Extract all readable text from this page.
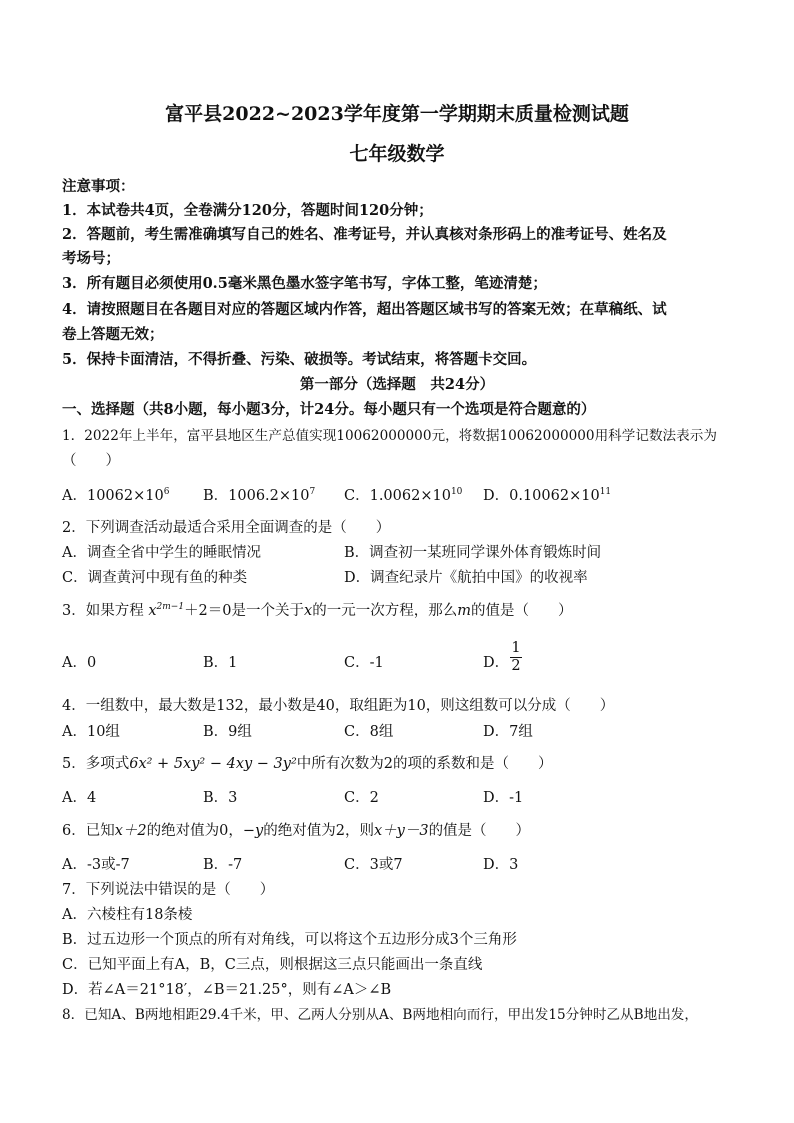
富平县2022~2023学年度第一学期期末质量检测试题
七年级数学
注意事项：
1．本试卷共4页，全卷满分120分，答题时间120分钟；
2．答题前，考生需准确填写自己的姓名、准考证号，并认真核对条形码上的准考证号、姓名及
考场号；
3．所有题目必须使用0.5毫米黑色墨水签字笔书写，字体工整，笔迹清楚；
4．请按照题目在各题目对应的答题区域内作答，超出答题区域书写的答案无效；在草稿纸、试
卷上答题无效；
5．保持卡面清洁，不得折叠、污染、破损等。考试结束，将答题卡交回。
第一部分（选择题　共24分）
一、选择题（共8小题，每小题3分，计24分。每小题只有一个选项是符合题意的）
1．2022年上半年，富平县地区生产总值实现10062000000元，将数据10062000000用科学记数法表示为
（　　）
A．$10062\times 10^6$ B．$1006.2\times 10^7$ C．$1.0062\times 10^{10}$ D．$0.10062\times 10^{11}$
2．下列调查活动最适合采用全面调查的是（　　）
A．调查全省中学生的睡眠情况	B．调查初一某班同学课外体育锻炼时间
C．调查黄河中现有鱼的种类	D．调查纪录片《航拍中国》的收视率
3．如果方程 $x^{2m-1}+2=0$是一个关于x的一元一次方程，那么m的值是（　　）
A．0	B．1	C．-1	D．
1
2
4．一组数中，最大数是132，最小数是40，取组距为10，则这组数可以分成（　　）
A．10组	B．9组	C．8组	D．7组
5．多项式6x² + 5xy² − 4xy − 3y²中所有次数为2的项的系数和是（　　）
A．4	B．3	C．2	D．-1
6．已知x＋2的绝对值为0，−y的绝对值为2，则x＋y－3的值是（　　）
A．-3或-7	B．-7	C．3或7	D．3
7．下列说法中错误的是（　　）
A．六棱柱有18条棱
B．过五边形一个顶点的所有对角线，可以将这个五边形分成3个三角形
C．已知平面上有A，B，C三点，则根据这三点只能画出一条直线
D．若∠A＝21°18′，∠B＝21.25°，则有∠A＞∠B
8．已知A、B两地相距29.4千米，甲、乙两人分别从A、B两地相向而行，甲出发15分钟时乙从B地出发，
